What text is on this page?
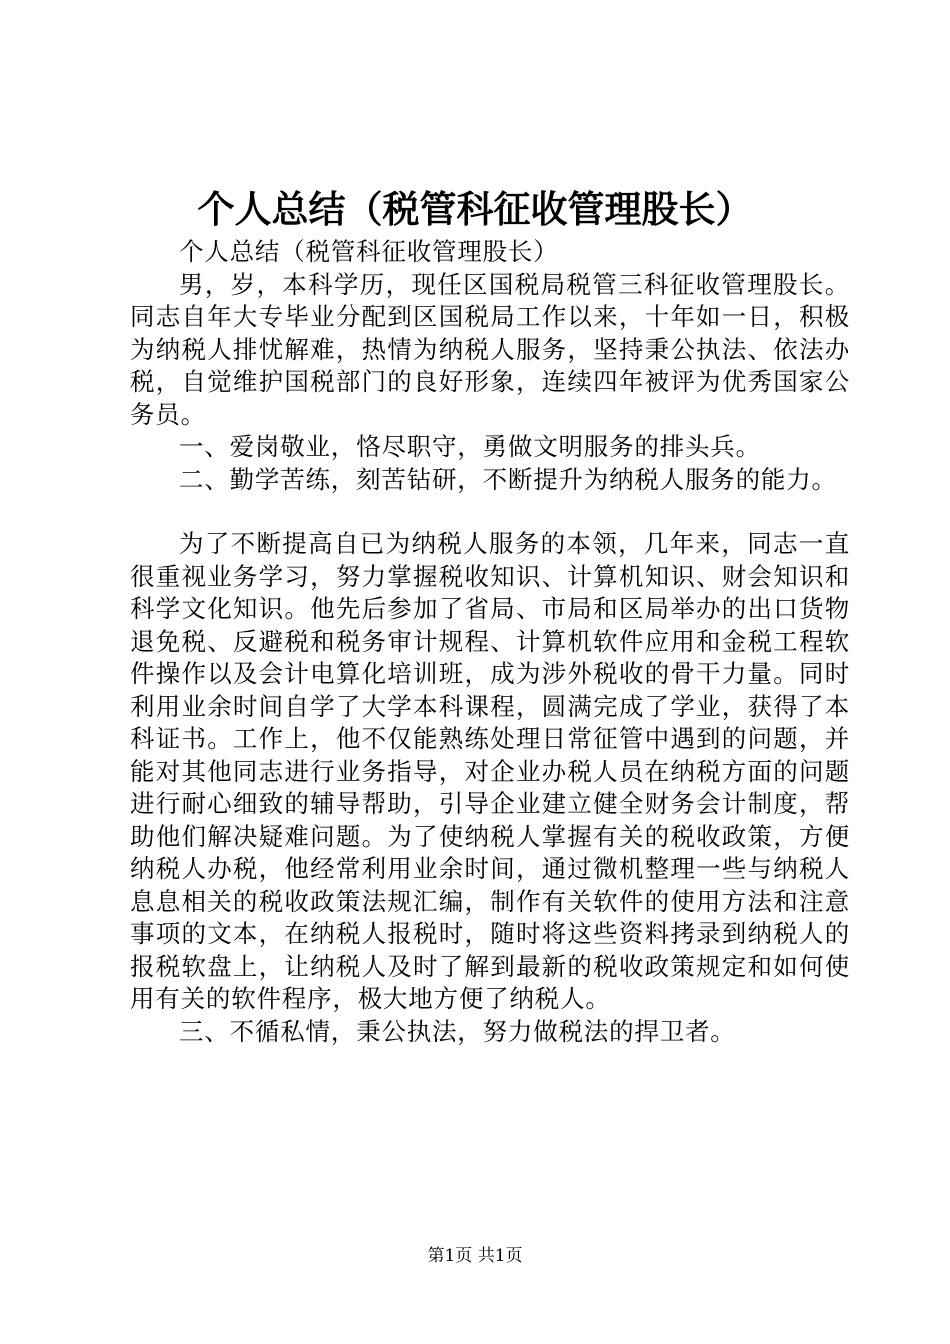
个人总结（税管科征收管理股长）

个人总结（税管科征收管理股长）

男，岁，本科学历，现任区国税局税管三科征收管理股长。同志自年大专毕业分配到区国税局工作以来，十年如一日，积极为纳税人排忧解难，热情为纳税人服务，坚持秉公执法、依法办税，自觉维护国税部门的良好形象，连续四年被评为优秀国家公务员。

一、爱岗敬业，恪尽职守，勇做文明服务的排头兵。

二、勤学苦练，刻苦钻研，不断提升为纳税人服务的能力。

为了不断提高自已为纳税人服务的本领，几年来，同志一直很重视业务学习，努力掌握税收知识、计算机知识、财会知识和科学文化知识。他先后参加了省局、市局和区局举办的出口货物退免税、反避税和税务审计规程、计算机软件应用和金税工程软件操作以及会计电算化培训班，成为涉外税收的骨干力量。同时利用业余时间自学了大学本科课程，圆满完成了学业，获得了本科证书。工作上，他不仅能熟练处理日常征管中遇到的问题，并能对其他同志进行业务指导，对企业办税人员在纳税方面的问题进行耐心细致的辅导帮助，引导企业建立健全财务会计制度，帮助他们解决疑难问题。为了使纳税人掌握有关的税收政策，方便纳税人办税，他经常利用业余时间，通过微机整理一些与纳税人息息相关的税收政策法规汇编，制作有关软件的使用方法和注意事项的文本，在纳税人报税时，随时将这些资料拷录到纳税人的报税软盘上，让纳税人及时了解到最新的税收政策规定和如何使用有关的软件程序，极大地方便了纳税人。

三、不循私情，秉公执法，努力做税法的捍卫者。

第1页 共1页
